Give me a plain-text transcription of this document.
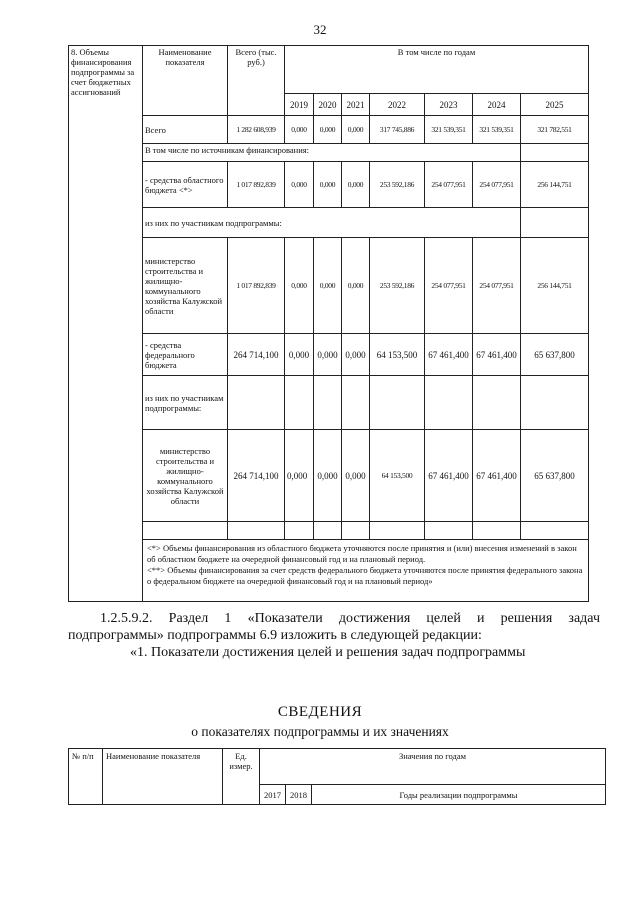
32
8. Объемы финансирования подпрограммы за счет бюджетных ассигнований	Наименование показателя	Всего (тыс. руб.)	В том числе по годам						
			2019	2020	2021	2022	2023	2024	2025
	Всего	1 282 608,939	0,000	0,000	0,000	317 745,886	321 539,351	321 539,351	321 782,551
	В том числе по источникам финансирования:								
	- средства областного бюджета <*>	1 017 892,839	0,000	0,000	0,000	253 592,186	254 077,951	254 077,951	256 144,751
	из них по участникам подпрограммы:								
	министерство строительства и жилищно-коммунального хозяйства Калужской области	1 017 892,839	0,000	0,000	0,000	253 592,186	254 077,951	254 077,951	256 144,751
	- средства федерального бюджета	264 714,100	0,000	0,000	0,000	64 153,500	67 461,400	67 461,400	65 637,800
	из них по участникам подпрограммы:								
	министерство строительства и жилищно-коммунального хозяйства Калужской области	264 714,100	0,000	0,000	0,000	64 153,500	67 461,400	67 461,400	65 637,800

	<*> Объемы финансирования из областного бюджета уточняются после принятия и (или) внесения изменений в закон об областном бюджете на очередной финансовый год и на плановый период.
<**> Объемы финансирования за счет средств федерального бюджета уточняются после принятия федерального закона о федеральном бюджете на очередной финансовый год и на плановый период»								
1.2.5.9.2. Раздел 1 «Показатели достижения целей и решения задач
подпрограммы» подпрограммы 6.9 изложить в следующей редакции:
«1. Показатели достижения целей и решения задач подпрограммы
СВЕДЕНИЯ
о показателях подпрограммы и их значениях
№ п/п	Наименование показателя	Ед. измер.	Значения по годам		
			2017	2018	Годы реализации подпрограммы
